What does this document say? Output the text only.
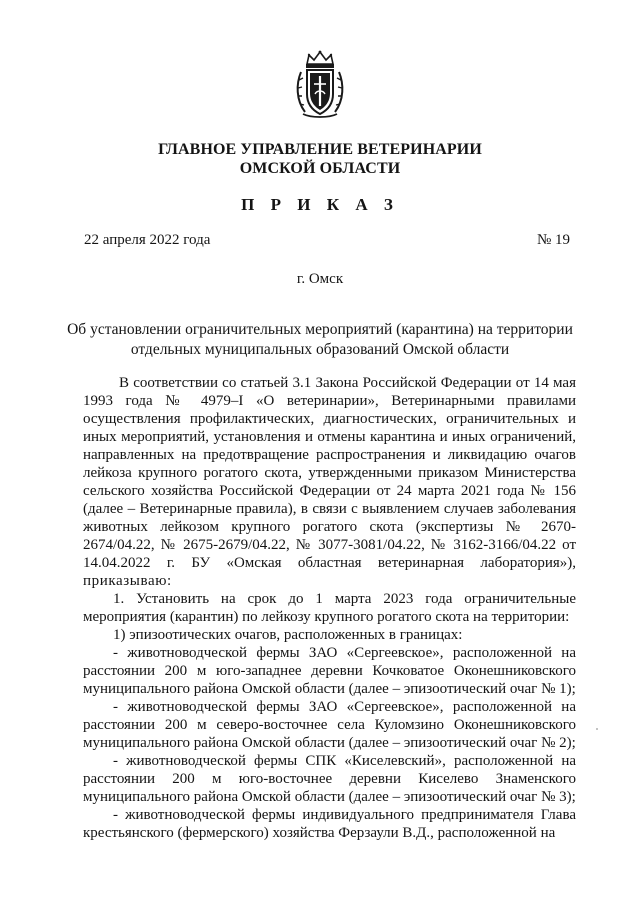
ГЛАВНОЕ УПРАВЛЕНИЕ ВЕТЕРИНАРИИ
ОМСКОЙ ОБЛАСТИ
П Р И К А З
22 апреля 2022 года	№ 19
г. Омск
Об установлении ограничительных мероприятий (карантина) на территории
отдельных муниципальных образований Омской области

В соответствии со статьей 3.1 Закона Российской Федерации от 14 мая 1993 года № 4979–I «О ветеринарии», Ветеринарными правилами осуществления профилактических, диагностических, ограничительных и иных мероприятий, установления и отмены карантина и иных ограничений, направленных на предотвращение распространения и ликвидацию очагов лейкоза крупного рогатого скота, утвержденными приказом Министерства сельского хозяйства Российской Федерации от 24 марта 2021 года № 156 (далее – Ветеринарные правила), в связи с выявлением случаев заболевания животных лейкозом крупного рогатого скота (экспертизы № 2670-2674/04.22, № 2675-2679/04.22, № 3077-3081/04.22, № 3162-3166/04.22 от 14.04.2022 г. БУ «Омская областная ветеринарная лаборатория»), приказываю:

1. Установить на срок до 1 марта 2023 года ограничительные мероприятия (карантин) по лейкозу крупного рогатого скота на территории:

1) эпизоотических очагов, расположенных в границах:

- животноводческой фермы ЗАО «Сергеевское», расположенной на расстоянии 200 м юго-западнее деревни Кочковатое Оконешниковского муниципального района Омской области (далее – эпизоотический очаг № 1);

- животноводческой фермы ЗАО «Сергеевское», расположенной на расстоянии 200 м северо-восточнее села Куломзино Оконешниковского муниципального района Омской области (далее – эпизоотический очаг № 2);

- животноводческой фермы СПК «Киселевский», расположенной на расстоянии 200 м юго-восточнее деревни Киселево Знаменского муниципального района Омской области (далее – эпизоотический очаг № 3);

- животноводческой фермы индивидуального предпринимателя Глава крестьянского (фермерского) хозяйства Ферзаули В.Д., расположенной на
